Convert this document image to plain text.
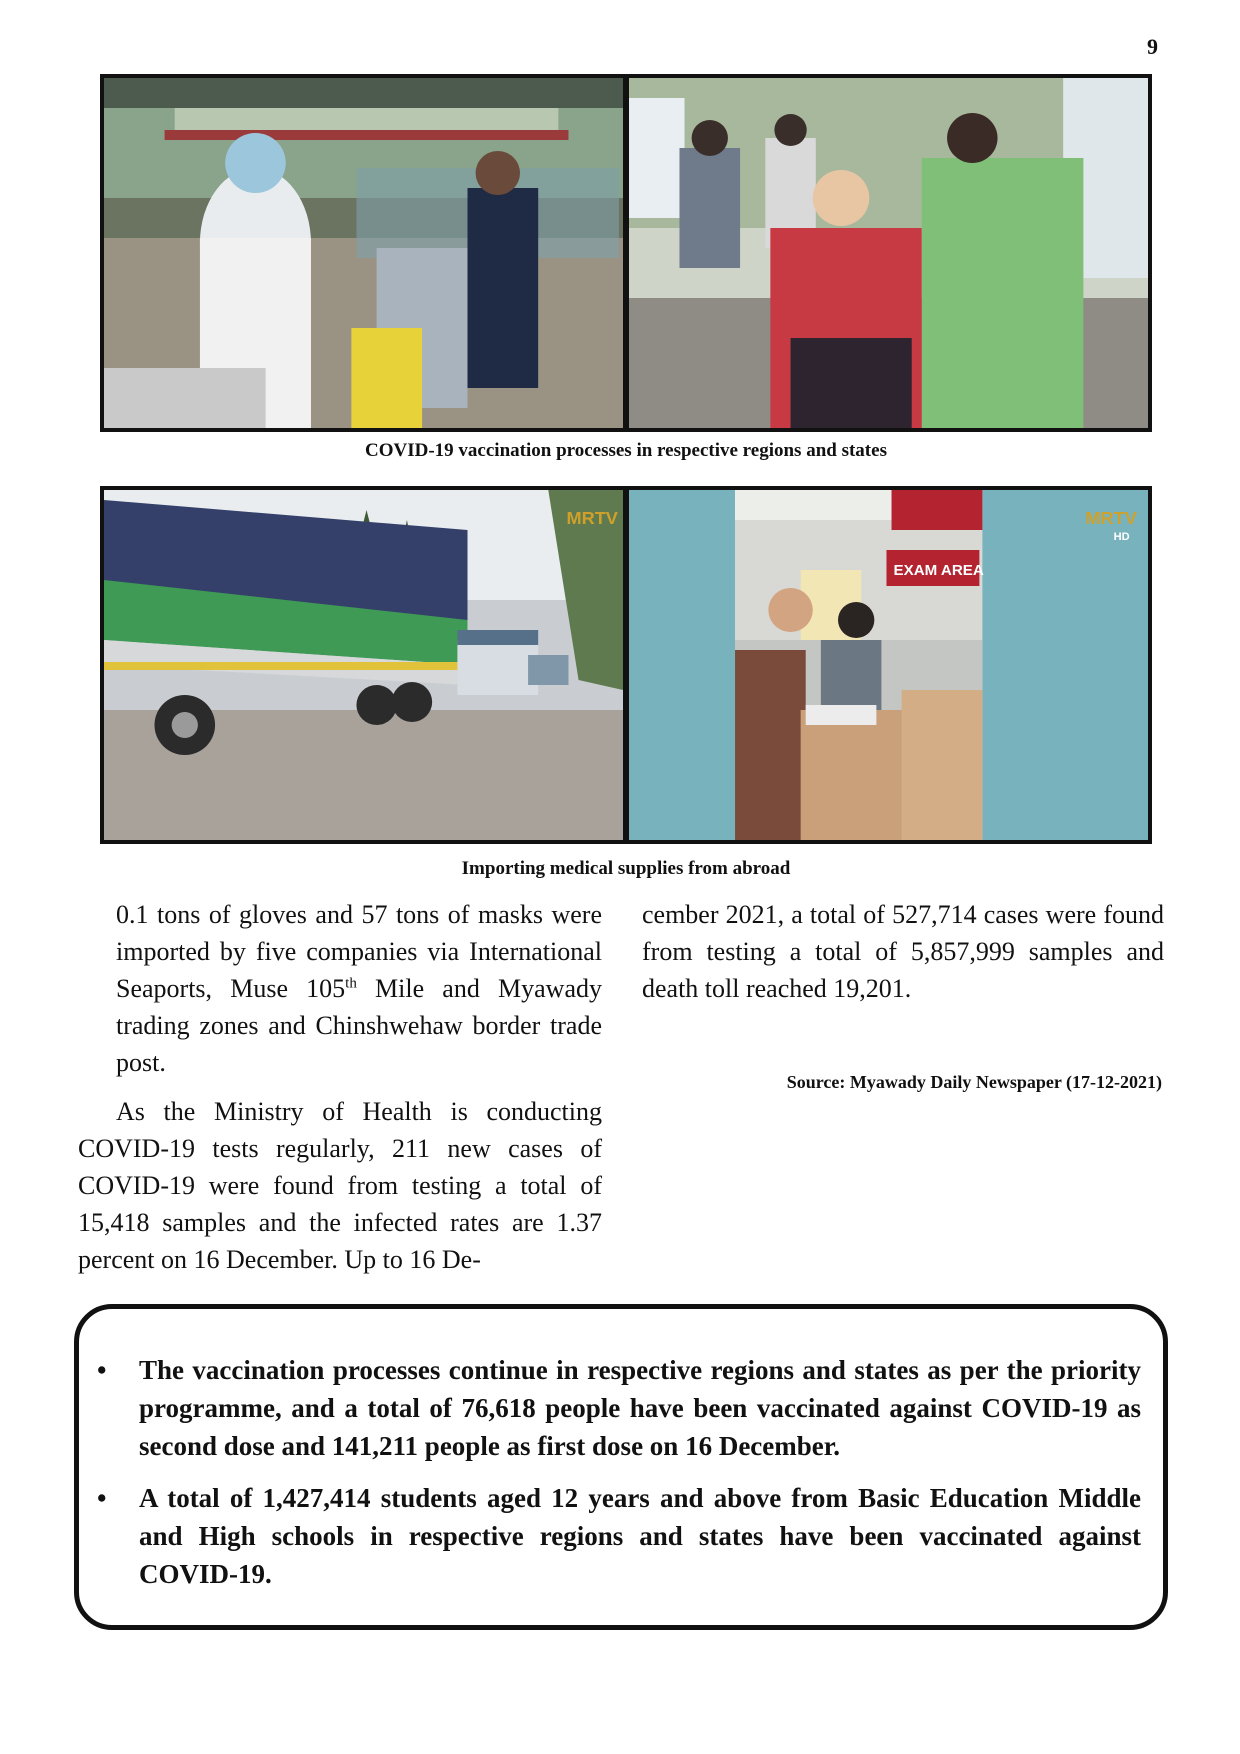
9
COVID-19 vaccination processes in respective regions and states
MRTV
EXAM AREA
MRTV
HD
Importing medical supplies from abroad

0.1 tons of gloves and 57 tons of masks were imported by five companies via International Seaports, Muse 105th Mile and Myawady trading zones and Chinshwehaw border trade post.

As the Ministry of Health is conducting COVID-19 tests regularly, 211 new cases of COVID-19 were found from testing a total of 15,418 samples and the infected rates are 1.37 percent on 16 December. Up to 16 De-

cember 2021, a total of 527,714 cases were found from testing a total of 5,857,999 samples and death toll reached 19,201.

Source: Myawady Daily Newspaper (17-12-2021)
• The vaccination processes continue in respective regions and states as per the priority programme, and a total of 76,618 people have been vaccinated against COVID-19 as second dose and 141,211 people as first dose on 16 December.
• A total of 1,427,414 students aged 12 years and above from Basic Education Middle and High schools in respective regions and states have been vaccinated against COVID-19.
